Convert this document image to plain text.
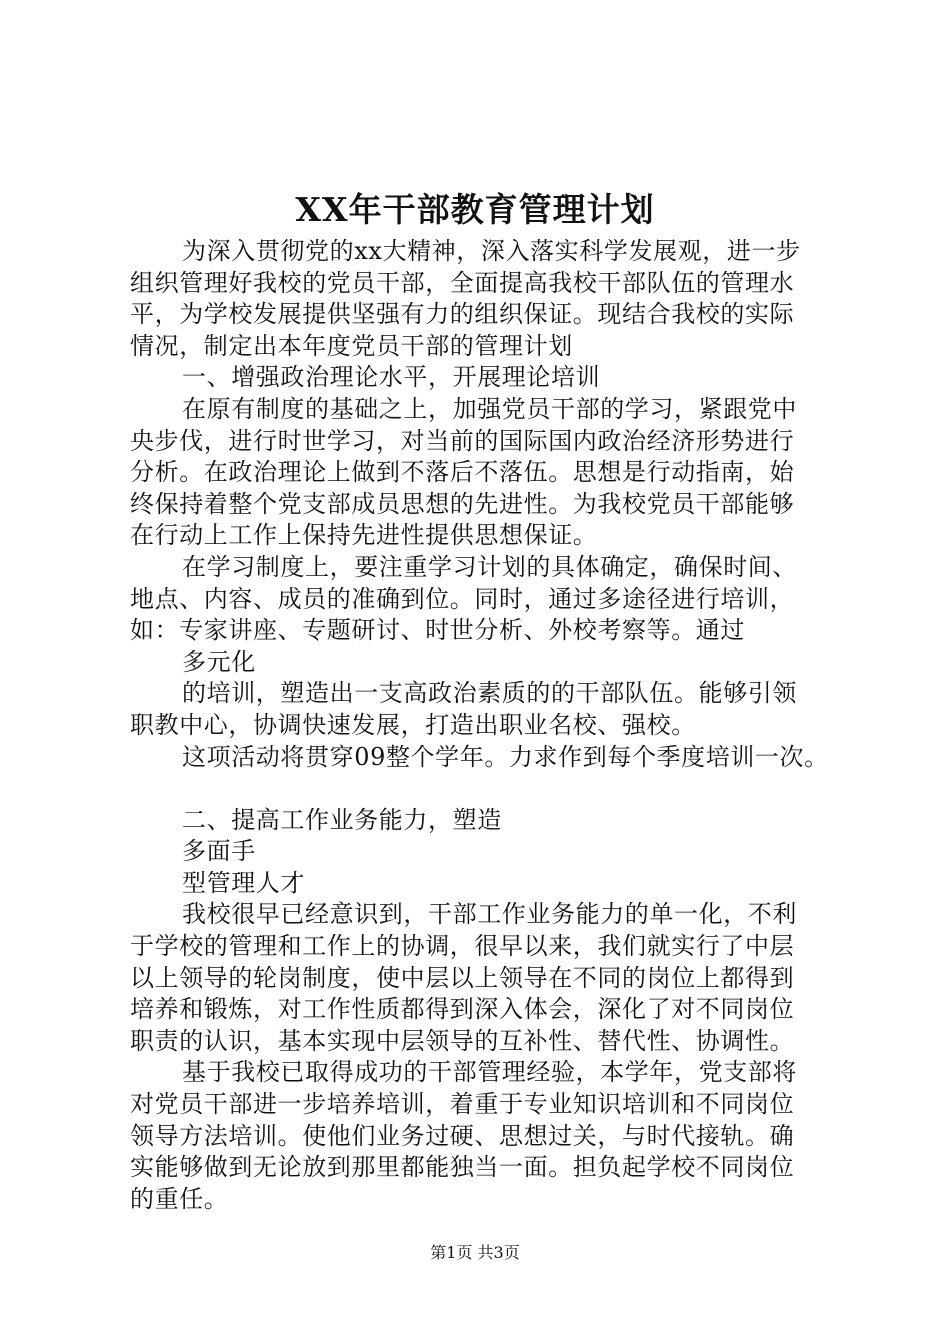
XX年干部教育管理计划
为深入贯彻党的xx大精神，深入落实科学发展观，进一步
组织管理好我校的党员干部，全面提高我校干部队伍的管理水
平，为学校发展提供坚强有力的组织保证。现结合我校的实际
情况，制定出本年度党员干部的管理计划
一、增强政治理论水平，开展理论培训
在原有制度的基础之上，加强党员干部的学习，紧跟党中
央步伐，进行时世学习，对当前的国际国内政治经济形势进行
分析。在政治理论上做到不落后不落伍。思想是行动指南，始
终保持着整个党支部成员思想的先进性。为我校党员干部能够
在行动上工作上保持先进性提供思想保证。
在学习制度上，要注重学习计划的具体确定，确保时间、
地点、内容、成员的准确到位。同时，通过多途径进行培训，
如：专家讲座、专题研讨、时世分析、外校考察等。通过
多元化
的培训，塑造出一支高政治素质的的干部队伍。能够引领
职教中心，协调快速发展，打造出职业名校、强校。
这项活动将贯穿09整个学年。力求作到每个季度培训一次。
二、提高工作业务能力，塑造
多面手
型管理人才
我校很早已经意识到，干部工作业务能力的单一化，不利
于学校的管理和工作上的协调，很早以来，我们就实行了中层
以上领导的轮岗制度，使中层以上领导在不同的岗位上都得到
培养和锻炼，对工作性质都得到深入体会，深化了对不同岗位
职责的认识，基本实现中层领导的互补性、替代性、协调性。
基于我校已取得成功的干部管理经验，本学年，党支部将
对党员干部进一步培养培训，着重于专业知识培训和不同岗位
领导方法培训。使他们业务过硬、思想过关，与时代接轨。确
实能够做到无论放到那里都能独当一面。担负起学校不同岗位
的重任。
第1页 共3页
